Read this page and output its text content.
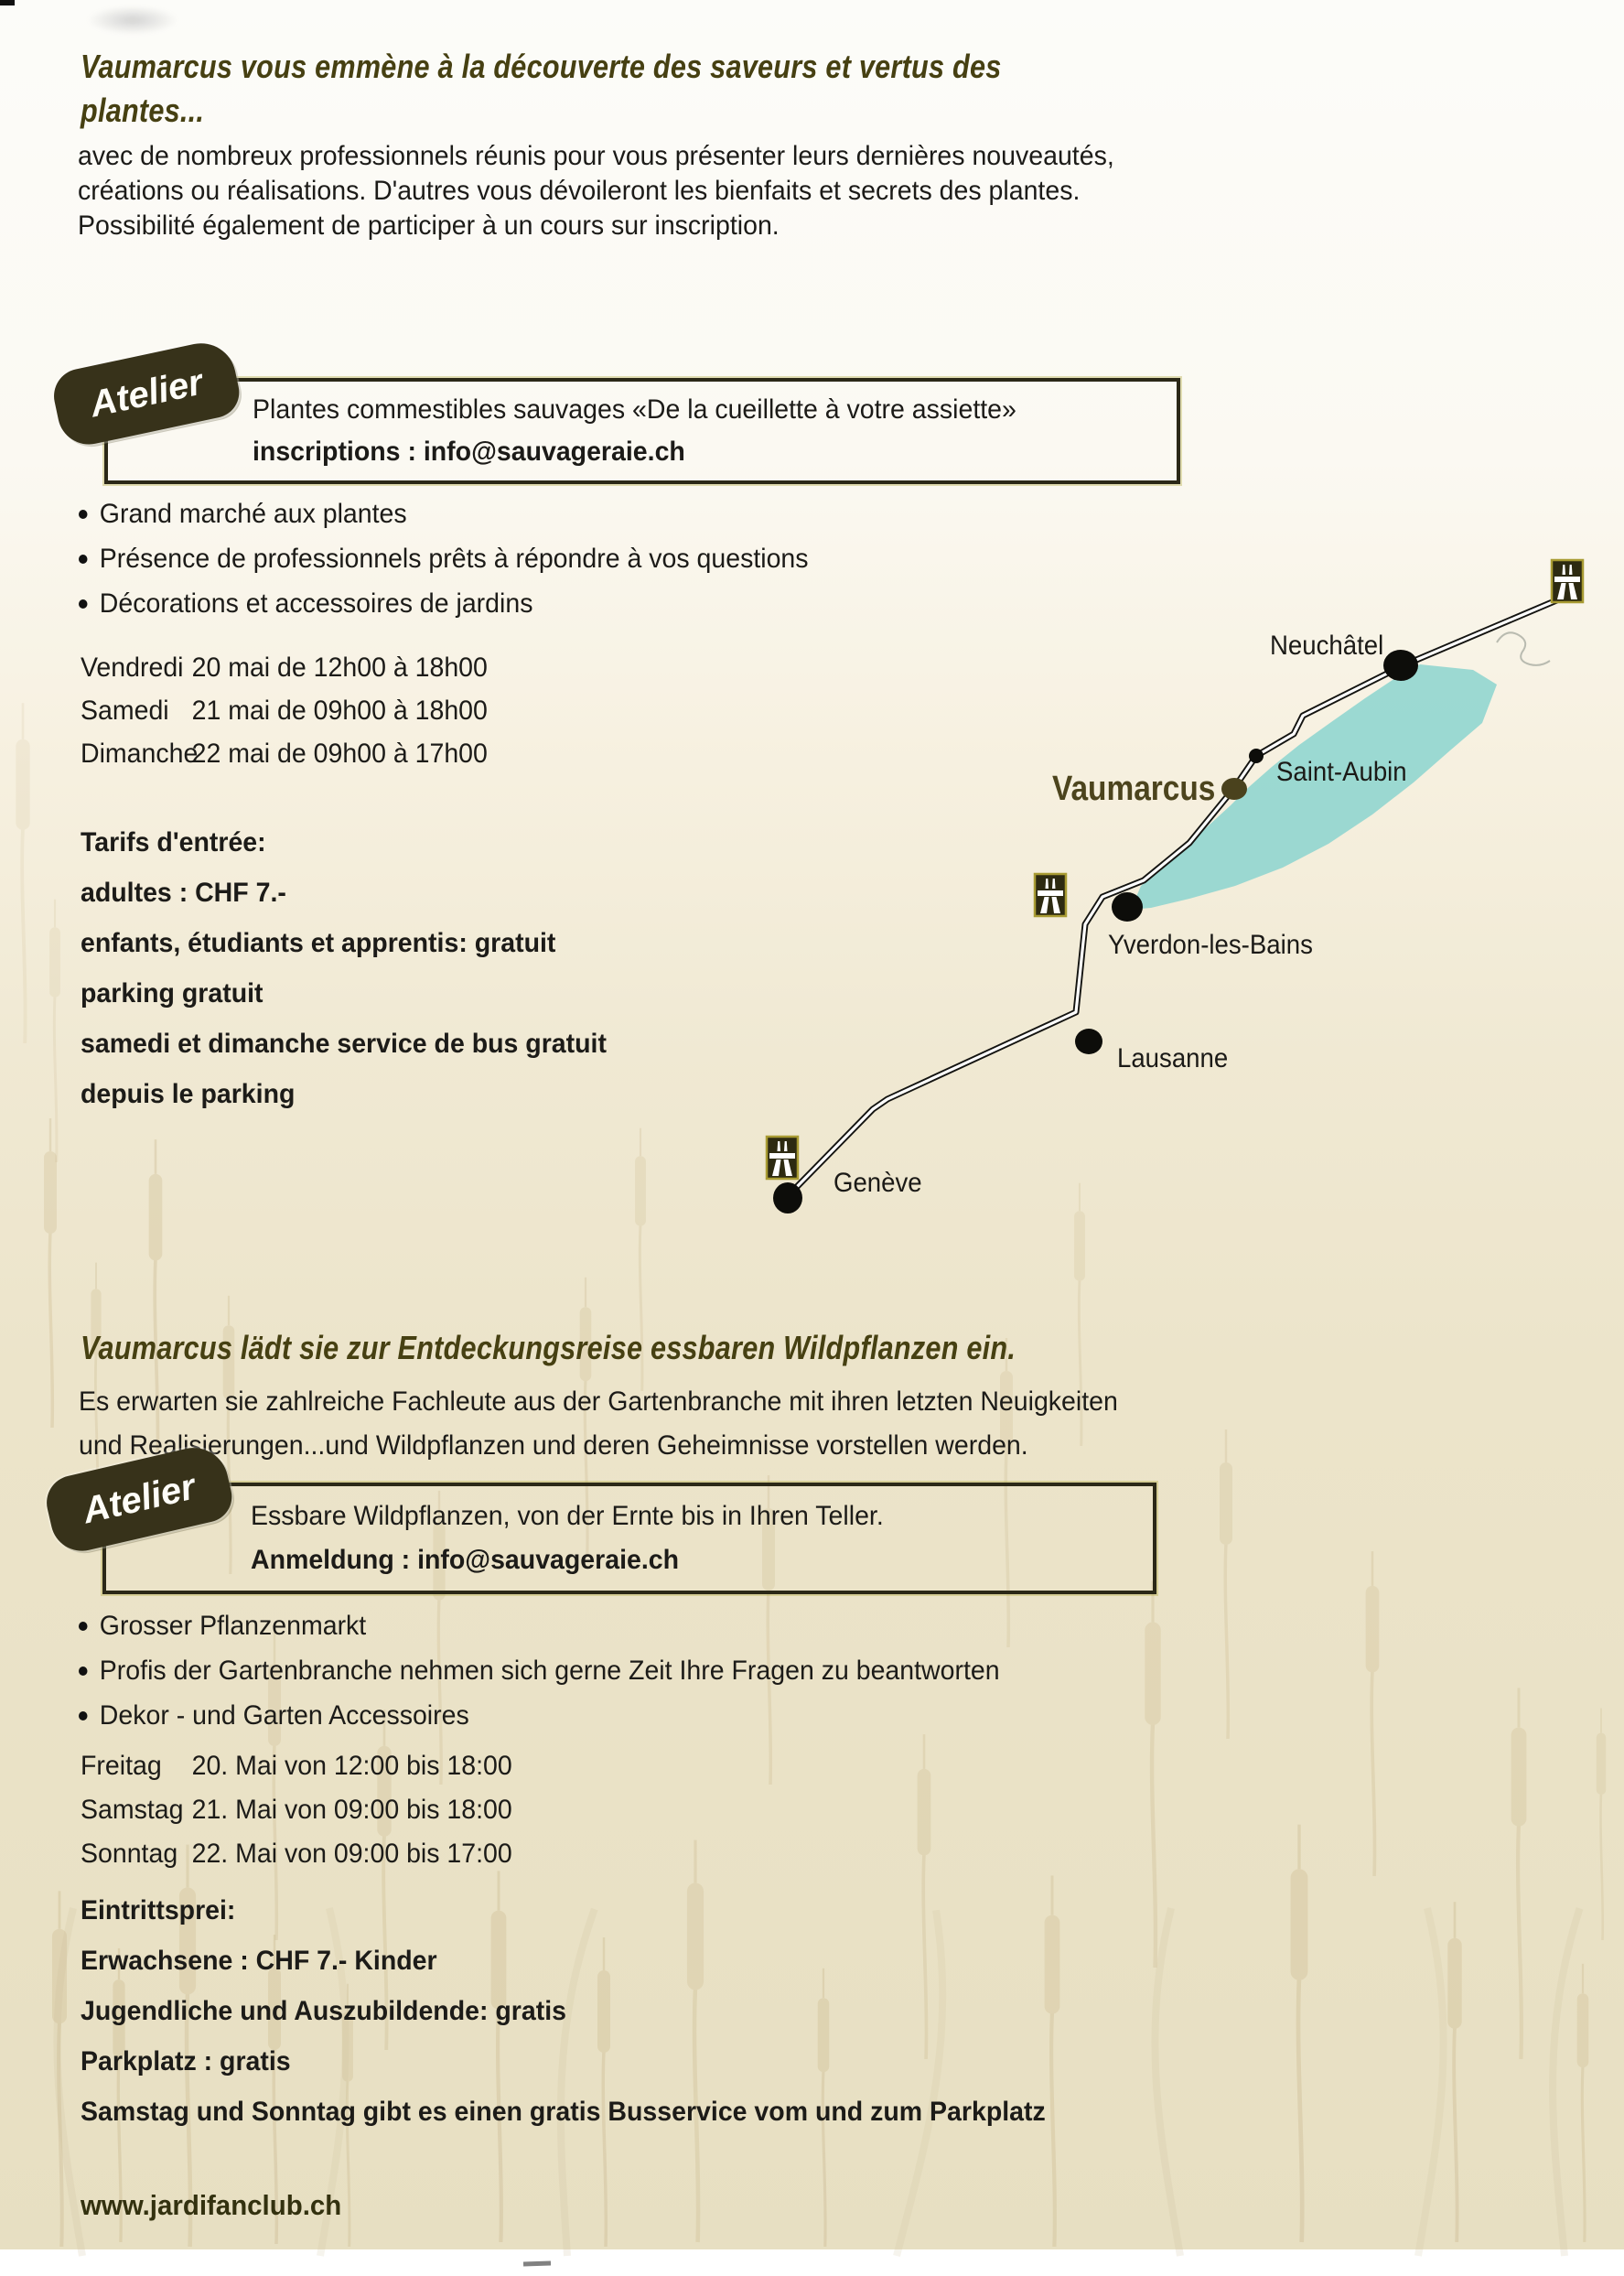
Vaumarcus vous emmène à la découverte des saveurs et vertus des
plantes...
avec de nombreux professionnels réunis pour vous présenter leurs dernières nouveautés,
créations ou réalisations. D'autres vous dévoileront les bienfaits et secrets des plantes.
Possibilité également de participer à un cours sur inscription.
Plantes commestibles sauvages «De la cueillette à votre assiette»
inscriptions : info@sauvageraie.ch
Atelier
Grand marché aux plantes
Présence de professionnels prêts à répondre à vos questions
Décorations et accessoires de jardins
Vendredi 20 mai de 12h00 à 18h00
Samedi 21 mai de 09h00 à 18h00
Dimanche22 mai de 09h00 à 17h00
Tarifs d'entrée:
adultes : CHF 7.-
enfants, étudiants et apprentis: gratuit
parking gratuit
samedi et dimanche service de bus gratuit
depuis le parking
Neuchâtel
Saint-Aubin
Vaumarcus
Yverdon-les-Bains
Lausanne
Genève
Vaumarcus lädt sie zur Entdeckungsreise essbaren Wildpflanzen ein.
Es erwarten sie zahlreiche Fachleute aus der Gartenbranche mit ihren letzten Neuigkeiten
und Realisierungen...und Wildpflanzen und deren Geheimnisse vorstellen werden.
Essbare Wildpflanzen, von der Ernte bis in Ihren Teller.
Anmeldung : info@sauvageraie.ch
Atelier
Grosser Pflanzenmarkt
Profis der Gartenbranche nehmen sich gerne Zeit Ihre Fragen zu beantworten
Dekor - und Garten Accessoires
Freitag 20. Mai von 12:00 bis 18:00
Samstag 21. Mai von 09:00 bis 18:00
Sonntag 22. Mai von 09:00 bis 17:00
Eintrittsprei:
Erwachsene : CHF 7.- Kinder
Jugendliche und Auszubildende: gratis
Parkplatz : gratis
Samstag und Sonntag gibt es einen gratis Busservice vom und zum Parkplatz
www.jardifanclub.ch
